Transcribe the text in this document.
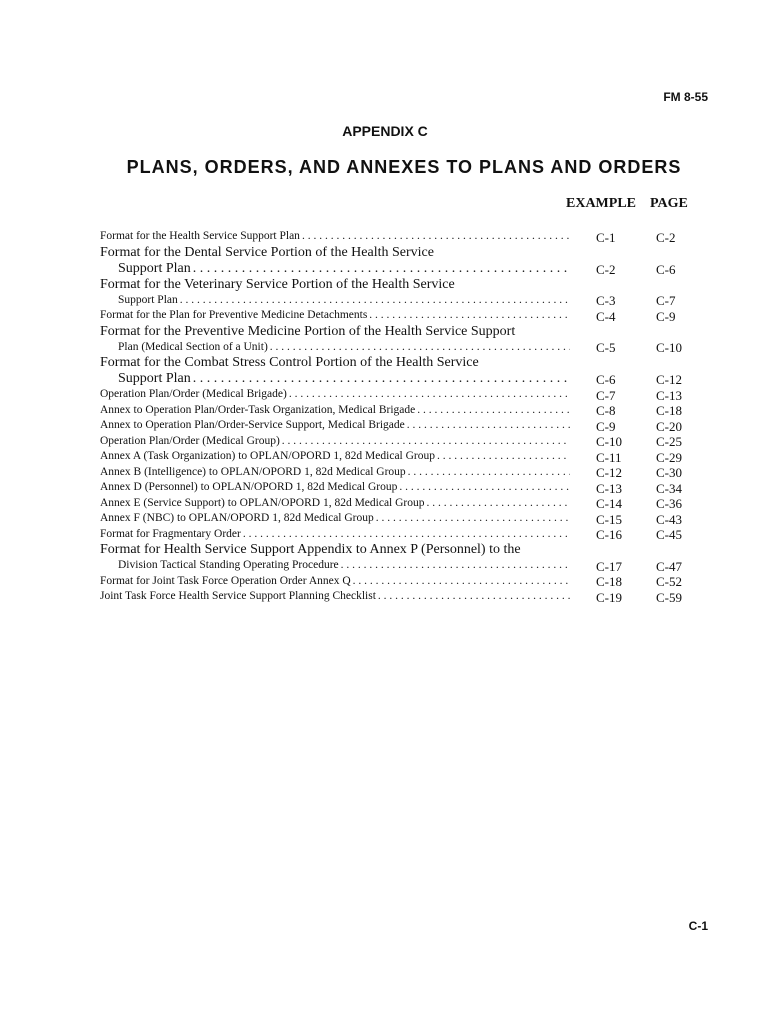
FM 8-55
APPENDIX C
PLANS, ORDERS, AND ANNEXES TO PLANS AND ORDERS
EXAMPLE PAGE
Format for the Health Service Support Plan . . .	C-1	C-2
Format for the Dental Service Portion of the Health Service
Support Plan . . .	C-2	C-6
Format for the Veterinary Service Portion of the Health Service
Support Plan . . .	C-3	C-7
Format for the Plan for Preventive Medicine Detachments . . .	C-4	C-9
Format for the Preventive Medicine Portion of the Health Service Support
Plan (Medical Section of a Unit) . . .	C-5	C-10
Format for the Combat Stress Control Portion of the Health Service
Support Plan . . .	C-6	C-12
Operation Plan/Order (Medical Brigade) . . .	C-7	C-13
Annex to Operation Plan/Order-Task Organization, Medical Brigade . . .	C-8	C-18
Annex to Operation Plan/Order-Service Support, Medical Brigade . . .	C-9	C-20
Operation Plan/Order (Medical Group) . . .	C-10	C-25
Annex A (Task Organization) to OPLAN/OPORD 1, 82d Medical Group . . .	C-11	C-29
Annex B (Intelligence) to OPLAN/OPORD 1, 82d Medical Group . . .	C-12	C-30
Annex D (Personnel) to OPLAN/OPORD 1, 82d Medical Group . . .	C-13	C-34
Annex E (Service Support) to OPLAN/OPORD 1, 82d Medical Group . . .	C-14	C-36
Annex F (NBC) to OPLAN/OPORD 1, 82d Medical Group . . .	C-15	C-43
Format for Fragmentary Order . . .	C-16	C-45
Format for Health Service Support Appendix to Annex P (Personnel) to the
Division Tactical Standing Operating Procedure . . .	C-17	C-47
Format for Joint Task Force Operation Order Annex Q . . .	C-18	C-52
Joint Task Force Health Service Support Planning Checklist . . .	C-19	C-59
C-1
